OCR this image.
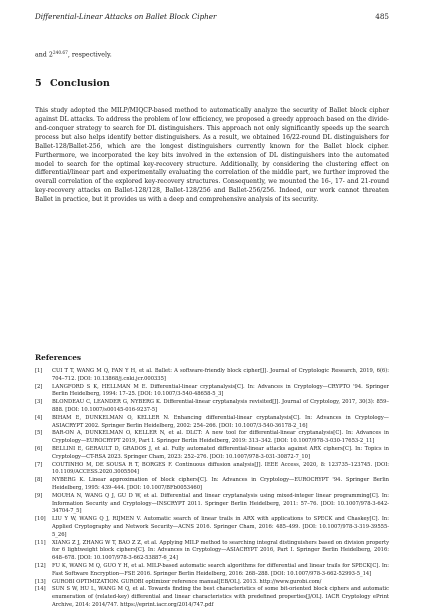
Differential-Linear Attacks on Ballet Block Cipher	485
and $2^{240.67}$, respectively.
5 Conclusion

This study adopted the MILP/MIQCP-based method to automatically analyze the security of Ballet block cipher against DL attacks. To address the problem of low efficiency, we proposed a greedy approach based on the divide-and-conquer strategy to search for DL distinguishers. This approach not only significantly speeds up the search process but also helps identify better distinguishers. As a result, we obtained 16/22-round DL distinguishers for Ballet-128/Ballet-256, which are the longest distinguishers currently known for the Ballet block cipher. Furthermore, we incorporated the key bits involved in the extension of DL distinguishers into the automated model to search for the optimal key-recovery structure. Additionally, by considering the clustering effect on differential/linear part and experimentally evaluating the correlation of the middle part, we further improved the overall correlation of the explored key-recovery structures. Consequently, we mounted the 16-, 17- and 21-round key-recovery attacks on Ballet-128/128, Ballet-128/256 and Ballet-256/256. Indeed, our work cannot threaten Ballet in practice, but it provides us with a deep and comprehensive analysis of its security.

References
[1] CUI T T, WANG M Q, FAN Y H, et al. Ballet: A software-friendly block cipher[J]. Journal of Cryptologic Research, 2019, 6(6): 704–712. [DOI: 10.13868/j.cnki.jcr.000335]
[2] LANGFORD S K, HELLMAN M E. Differential-linear cryptanalysis[C]. In: Advances in Cryptology—CRYPTO '94. Springer Berlin Heidelberg, 1994: 17–25. [DOI: 10.1007/3-540-48658-5_3]
[3] BLONDEAU C, LEANDER G, NYBERG K. Differential-linear cryptanalysis revisited[J]. Journal of Cryptology, 2017, 30(3): 859–888. [DOI: 10.1007/s00145-016-9237-5]
[4] BIHAM E, DUNKELMAN O, KELLER N. Enhancing differential-linear cryptanalysis[C]. In: Advances in Cryptology—ASIACRYPT 2002. Springer Berlin Heidelberg, 2002: 254–266. [DOI: 10.1007/3-540-36178-2_16]
[5] BAR-ON A, DUNKELMAN O, KELLER N, et al. DLCT: A new tool for differential-linear cryptanalysis[C]. In: Advances in Cryptology—EUROCRYPT 2019, Part I. Springer Berlin Heidelberg, 2019: 313–342. [DOI: 10.1007/978-3-030-17653-2_11]
[6] BELLINI E, GERAULT D, GRADOS J, et al. Fully automated differential-linear attacks against ARX ciphers[C]. In: Topics in Cryptology—CT-RSA 2023. Springer Cham, 2023: 252–276. [DOI: 10.1007/978-3-031-30872-7_10]
[7] COUTINHO M, DE SOUSA R T, BORGES F. Continuous diffusion analysis[J]. IEEE Access, 2020, 8: 123735–123745. [DOI: 10.1109/ACCESS.2020.3005504]
[8] NYBERG K. Linear approximation of block ciphers[C]. In: Advances in Cryptology—EUROCRYPT '94. Springer Berlin Heidelberg, 1995: 439–444. [DOI: 10.1007/BFb0053460]
[9] MOUHA N, WANG Q J, GU D W, et al. Differential and linear cryptanalysis using mixed-integer linear programming[C]. In: Information Security and Cryptology—INSCRYPT 2011. Springer Berlin Heidelberg, 2011: 57–76. [DOI: 10.1007/978-3-642-34704-7_5]
[10] LIU Y W, WANG Q J, RIJMEN V. Automatic search of linear trails in ARX with applications to SPECK and Chaskey[C]. In: Applied Cryptography and Network Security—ACNS 2016. Springer Cham, 2016: 485–499. [DOI: 10.1007/978-3-319-39555-5_26]
[11] XIANG Z J, ZHANG W T, BAO Z Z, et al. Applying MILP method to searching integral distinguishers based on division property for 6 lightweight block ciphers[C]. In: Advances in Cryptology—ASIACRYPT 2016, Part I. Springer Berlin Heidelberg, 2016: 648–678. [DOI: 10.1007/978-3-662-53887-6_24]
[12] FU K, WANG M Q, GUO Y H, et al. MILP-based automatic search algorithms for differential and linear trails for SPECK[C]. In: Fast Software Encryption—FSE 2016. Springer Berlin Heidelberg, 2016: 268–288. [DOI: 10.1007/978-3-662-52993-5_14]
[13] GUROBI OPTIMIZATION. GUROBI optimizer reference manual[EB/OL]. 2013. http://www.gurobi.com/
[14] SUN S W, HU L, WANG M Q, et al. Towards finding the best characteristics of some bit-oriented block ciphers and automatic enumeration of (related-key) differential and linear characteristics with predefined properties[J/OL]. IACR Cryptology ePrint Archive, 2014: 2014/747. https://eprint.iacr.org/2014/747.pdf
